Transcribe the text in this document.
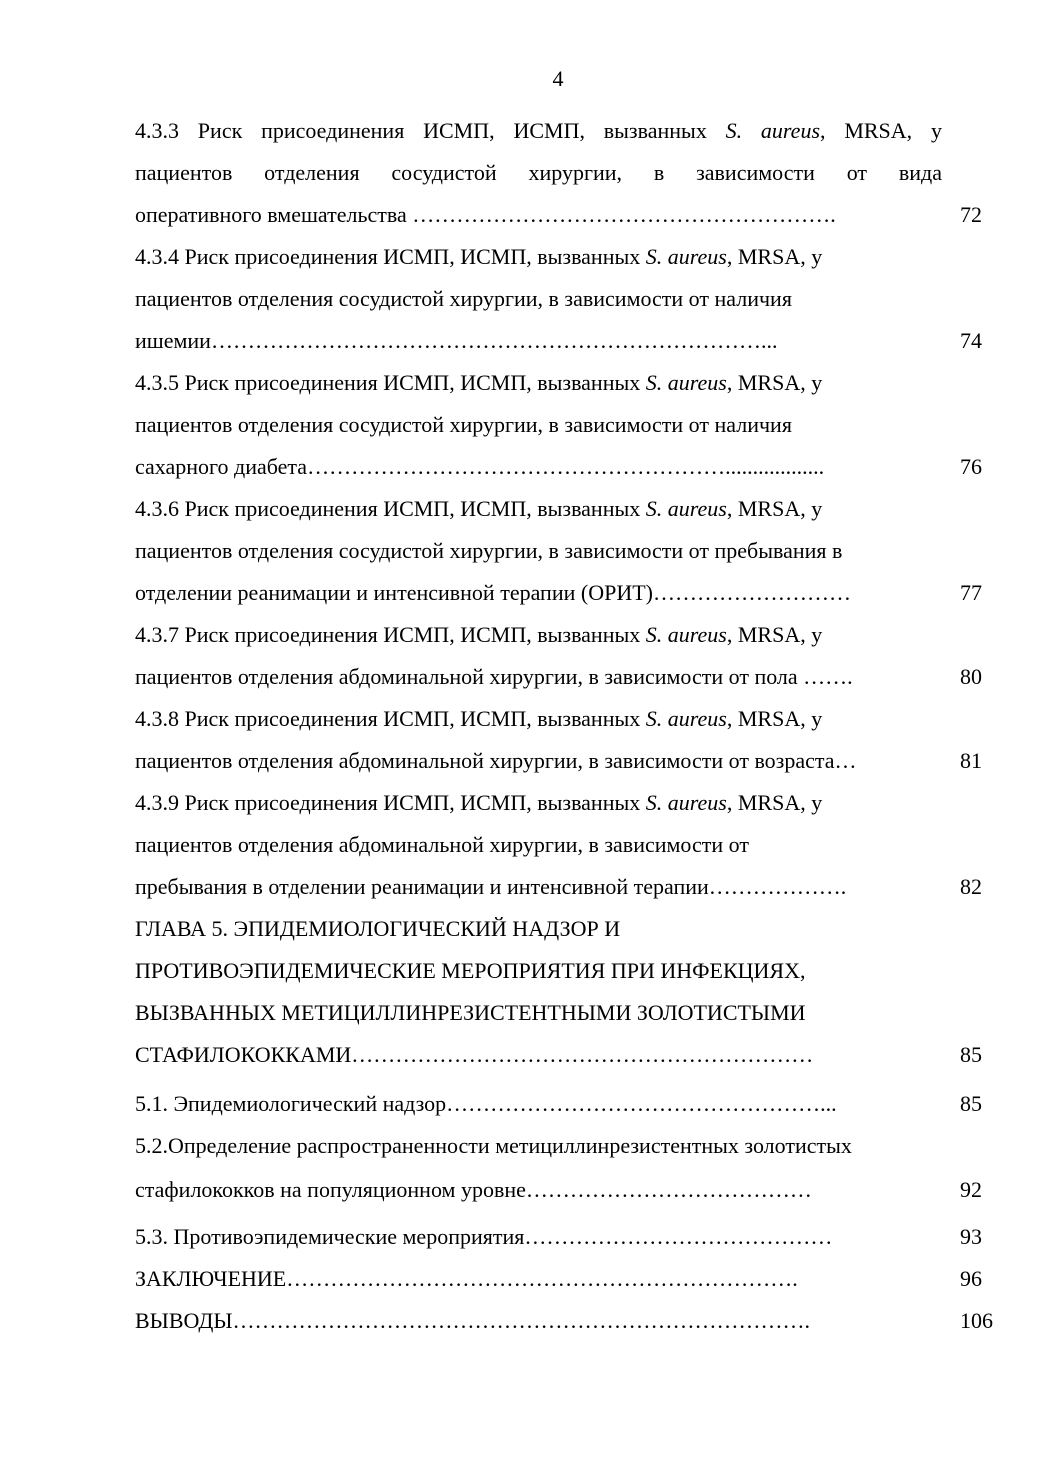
4
4.3.3 Риск присоединения ИСМП, ИСМП, вызванных S. aureus, MRSA, у
пациентов отделения сосудистой хирургии, в зависимости от вида
оперативного вмешательства ………………………………………………….	72
4.3.4 Риск присоединения ИСМП, ИСМП, вызванных S. aureus, MRSA, у
пациентов отделения сосудистой хирургии, в зависимости от наличия
ишемии…………………………………………………………………...	74
4.3.5 Риск присоединения ИСМП, ИСМП, вызванных S. aureus, MRSA, у
пациентов отделения сосудистой хирургии, в зависимости от наличия
сахарного диабета…………………………………………………..................	76
4.3.6 Риск присоединения ИСМП, ИСМП, вызванных S. aureus, MRSA, у
пациентов отделения сосудистой хирургии, в зависимости от пребывания в
отделении реанимации и интенсивной терапии (ОРИТ)………………………	77
4.3.7 Риск присоединения ИСМП, ИСМП, вызванных S. aureus, MRSA, у
пациентов отделения абдоминальной хирургии, в зависимости от пола …….	80
4.3.8 Риск присоединения ИСМП, ИСМП, вызванных S. aureus, MRSA, у
пациентов отделения абдоминальной хирургии, в зависимости от возраста…	81
4.3.9 Риск присоединения ИСМП, ИСМП, вызванных S. aureus, MRSA, у
пациентов отделения абдоминальной хирургии, в зависимости от
пребывания в отделении реанимации и интенсивной терапии……………….	82
ГЛАВА 5. ЭПИДЕМИОЛОГИЧЕСКИЙ НАДЗОР И
ПРОТИВОЭПИДЕМИЧЕСКИЕ МЕРОПРИЯТИЯ ПРИ ИНФЕКЦИЯХ,
ВЫЗВАННЫХ МЕТИЦИЛЛИНРЕЗИСТЕНТНЫМИ ЗОЛОТИСТЫМИ
СТАФИЛОКОККАМИ………………………………………………………	85
5.1. Эпидемиологический надзор……………………………………………...	85
5.2.Определение распространенности метициллинрезистентных золотистых
стафилококков на популяционном уровне…………………………………	92
5.3. Противоэпидемические мероприятия……………………………………	93
ЗАКЛЮЧЕНИЕ…………………………………………………………….	96
ВЫВОДЫ…………………………………………………………………….	106
